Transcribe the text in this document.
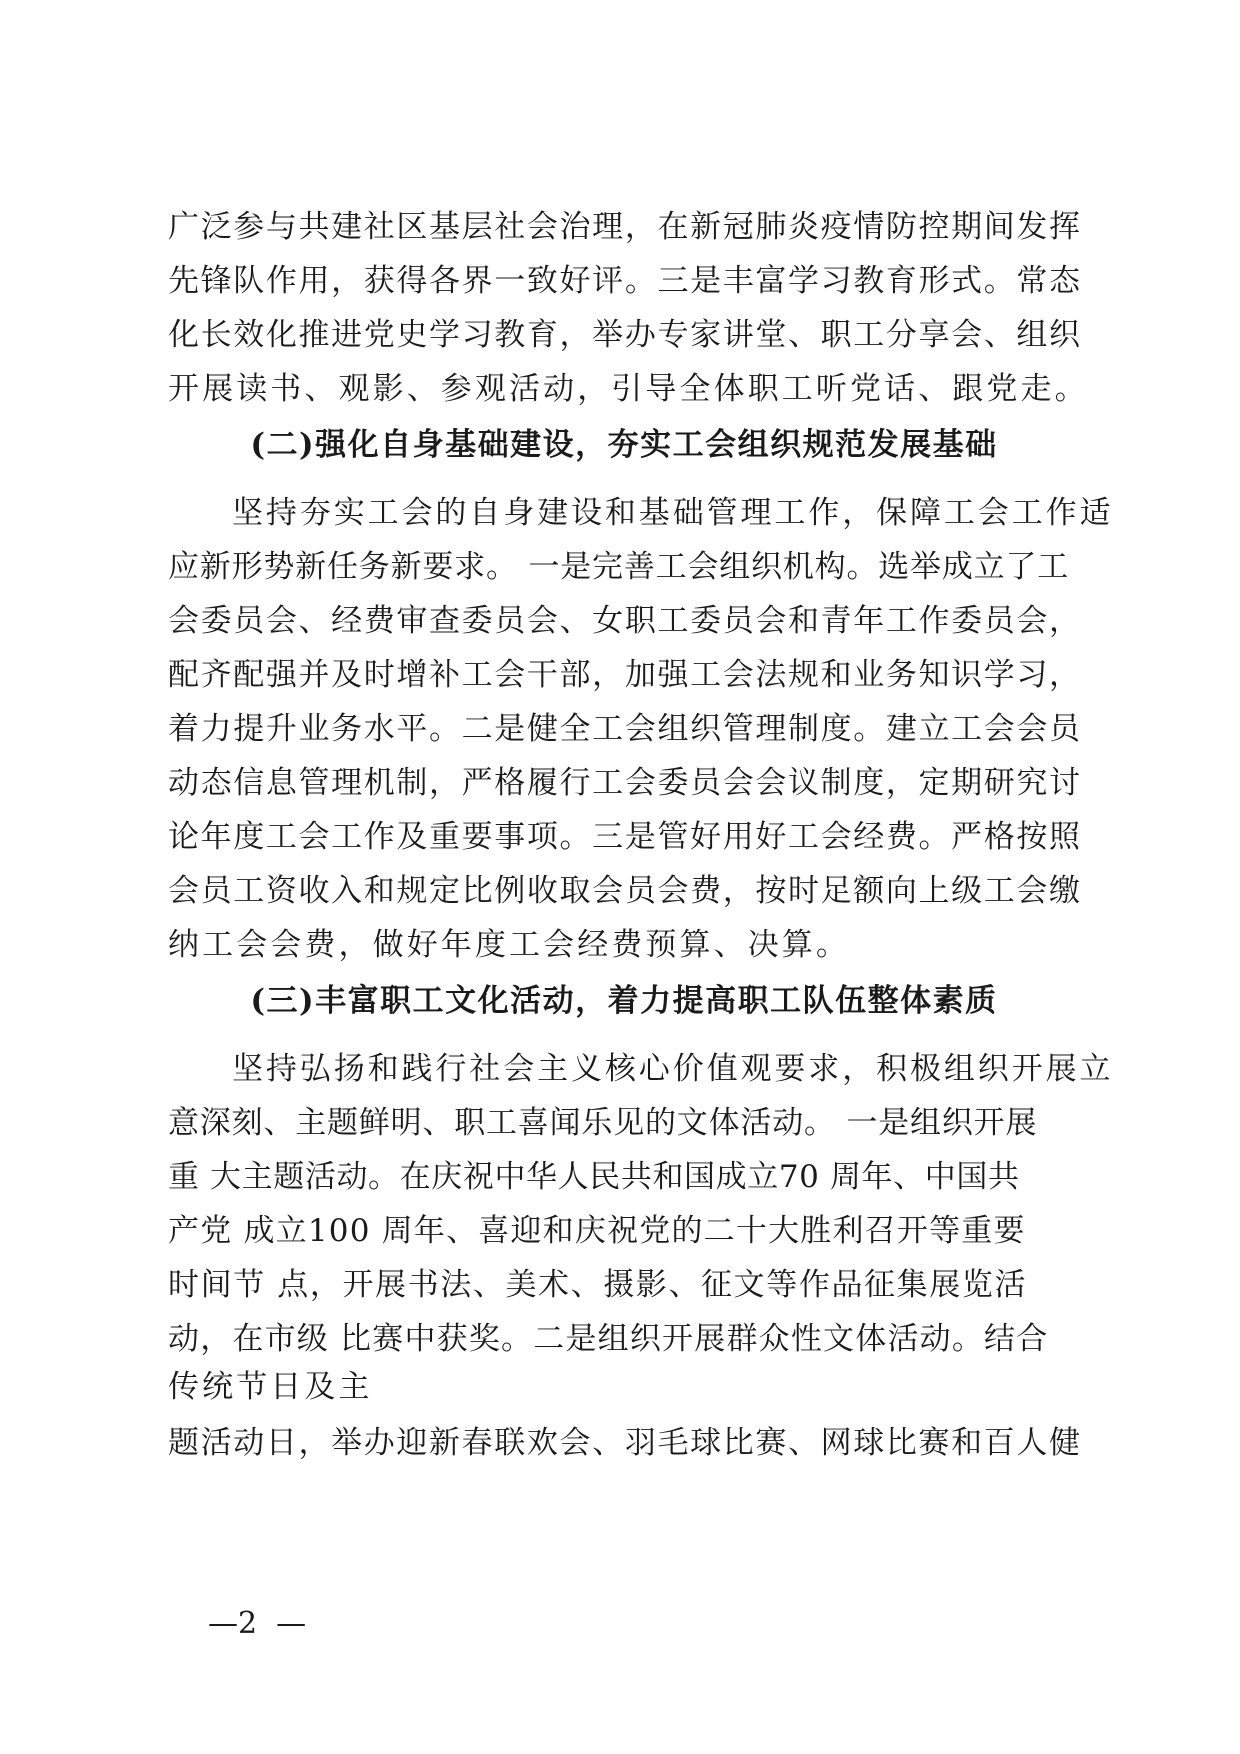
广泛参与共建社区基层社会治理，在新冠肺炎疫情防控期间发挥
先锋队作用，获得各界一致好评。三是丰富学习教育形式。常态
化长效化推进党史学习教育，举办专家讲堂、职工分享会、组织
开展读书、观影、参观活动，引导全体职工听党话、跟党走。
(二)强化自身基础建设，夯实工会组织规范发展基础
坚持夯实工会的自身建设和基础管理工作，保障工会工作适
应新形势新任务新要求。 一是完善工会组织机构。选举成立了工
会委员会、经费审查委员会、女职工委员会和青年工作委员会，
配齐配强并及时增补工会干部，加强工会法规和业务知识学习，
着力提升业务水平。二是健全工会组织管理制度。建立工会会员
动态信息管理机制，严格履行工会委员会会议制度，定期研究讨
论年度工会工作及重要事项。三是管好用好工会经费。严格按照
会员工资收入和规定比例收取会员会费，按时足额向上级工会缴
纳工会会费，做好年度工会经费预算、决算。
(三)丰富职工文化活动，着力提高职工队伍整体素质
坚持弘扬和践行社会主义核心价值观要求，积极组织开展立
意深刻、主题鲜明、职工喜闻乐见的文体活动。 一是组织开展
重 大主题活动。在庆祝中华人民共和国成立70 周年、中国共
产党 成立100 周年、喜迎和庆祝党的二十大胜利召开等重要
时间节 点，开展书法、美术、摄影、征文等作品征集展览活
动，在市级 比赛中获奖。二是组织开展群众性文体活动。结合
传统节日及主
题活动日，举办迎新春联欢会、羽毛球比赛、网球比赛和百人健
—2  —
